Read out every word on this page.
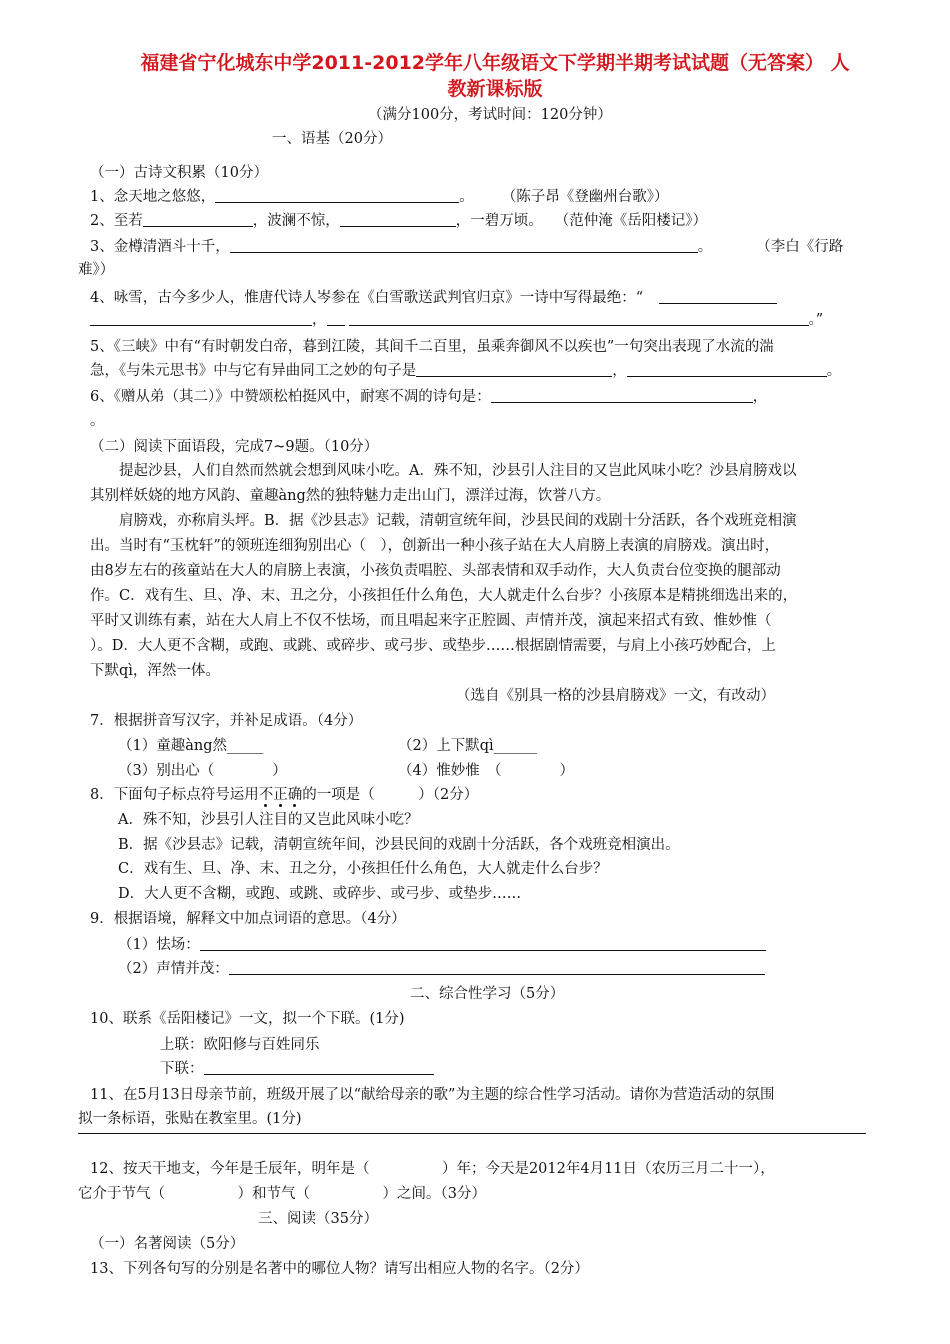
福建省宁化城东中学2011-2012学年八年级语文下学期半期考试试题（无答案） 人
教新课标版
（满分100分，考试时间：120分钟）
一、语基（20分）
（一）古诗文积累（10分）
1、念天地之悠悠，	。 （陈子昂《登幽州台歌》）
2、至若	，波澜不惊，	，一碧万顷。 （范仲淹《岳阳楼记》）
3、金樽清酒斗十千，	。	（李白《行路
难》）
4、咏雪，古今多少人，惟唐代诗人岑参在《白雪歌送武判官归京》一诗中写得最绝：“
，	。”
5、《三峡》中有“有时朝发白帝，暮到江陵，其间千二百里，虽乘奔御风不以疾也”一句突出表现了水流的湍
急，《与朱元思书》中与它有异曲同工之妙的句子是	，	。
6、《赠从弟（其二）》中赞颂松柏挺风中，耐寒不凋的诗句是：	，
。
（二）阅读下面语段，完成7~9题。（10分）
提起沙县，人们自然而然就会想到风味小吃。A．殊不知，沙县引人注目的又岂此风味小吃？沙县肩膀戏以
其别样妖娆的地方风韵、童趣àng然的独特魅力走出山门，漂洋过海，饮誉八方。
肩膀戏，亦称肩头坪。B．据《沙县志》记载，清朝宣统年间，沙县民间的戏剧十分活跃，各个戏班竞相演
出。当时有“玉枕轩”的领班连细狗别出心（　），创新出一种小孩子站在大人肩膀上表演的肩膀戏。演出时，
由8岁左右的孩童站在大人的肩膀上表演，小孩负责唱腔、头部表情和双手动作，大人负责台位变换的腿部动
作。C．戏有生、旦、净、末、丑之分，小孩担任什么角色，大人就走什么台步？小孩原本是精挑细选出来的，
平时又训练有素，站在大人肩上不仅不怯场，而且唱起来字正腔圆、声情并茂，演起来招式有致、惟妙惟（
）。D．大人更不含糊，或跑、或跳、或碎步、或弓步、或垫步……根据剧情需要，与肩上小孩巧妙配合，上
下默qì，浑然一体。
（选自《别具一格的沙县肩膀戏》一文，有改动）
7．根据拼音写汉字，并补足成语。（4分）
（1）童趣àng然_____	（2）上下默qì______
（3）别出心（　　　　）	（4）惟妙惟　（　　　　）
8．下面句子标点符号运用不正确的一项是（　　　）（2分）
A．殊不知，沙县引人注目的又岂此风味小吃？
B．据《沙县志》记载，清朝宣统年间，沙县民间的戏剧十分活跃，各个戏班竞相演出。
C．戏有生、旦、净、末、丑之分，小孩担任什么角色，大人就走什么台步？
D．大人更不含糊，或跑、或跳、或碎步、或弓步、或垫步……
9．根据语境，解释文中加点词语的意思。（4分）
（1）怯场：
（2）声情并茂：
二、综合性学习（5分）
10、联系《岳阳楼记》一文，拟一个下联。(1分)
上联：欧阳修与百姓同乐
下联：
11、在5月13日母亲节前，班级开展了以“献给母亲的歌”为主题的综合性学习活动。请你为营造活动的氛围
拟一条标语，张贴在教室里。(1分)
12、按天干地支，今年是壬辰年，明年是（　　　　　）年；今天是2012年4月11日（农历三月二十一），
它介于节气（　　　　　）和节气（　　　　　）之间。（3分）
三、阅读（35分）
（一）名著阅读（5分）
13、下列各句写的分别是名著中的哪位人物？请写出相应人物的名字。（2分）
